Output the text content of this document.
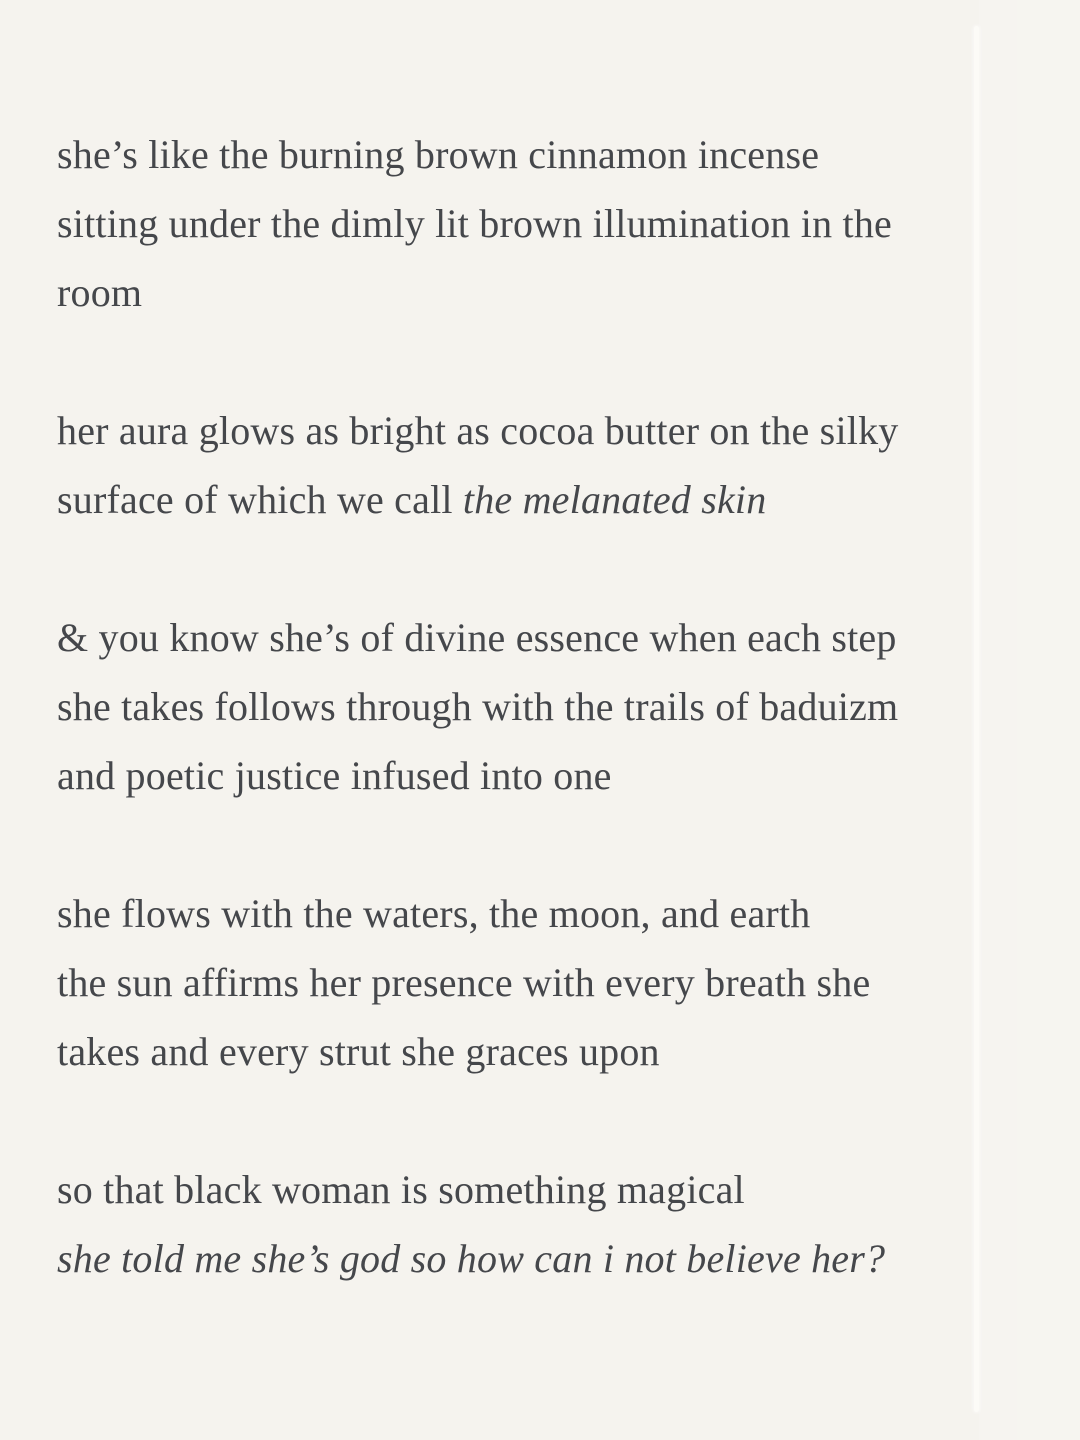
she’s like the burning brown cinnamon incense
sitting under the dimly lit brown illumination in the
room

her aura glows as bright as cocoa butter on the silky
surface of which we call the melanated skin

& you know she’s of divine essence when each step
she takes follows through with the trails of baduizm
and poetic justice infused into one

she flows with the waters, the moon, and earth
the sun affirms her presence with every breath she
takes and every strut she graces upon

so that black woman is something magical
she told me she’s god so how can i not believe her?
